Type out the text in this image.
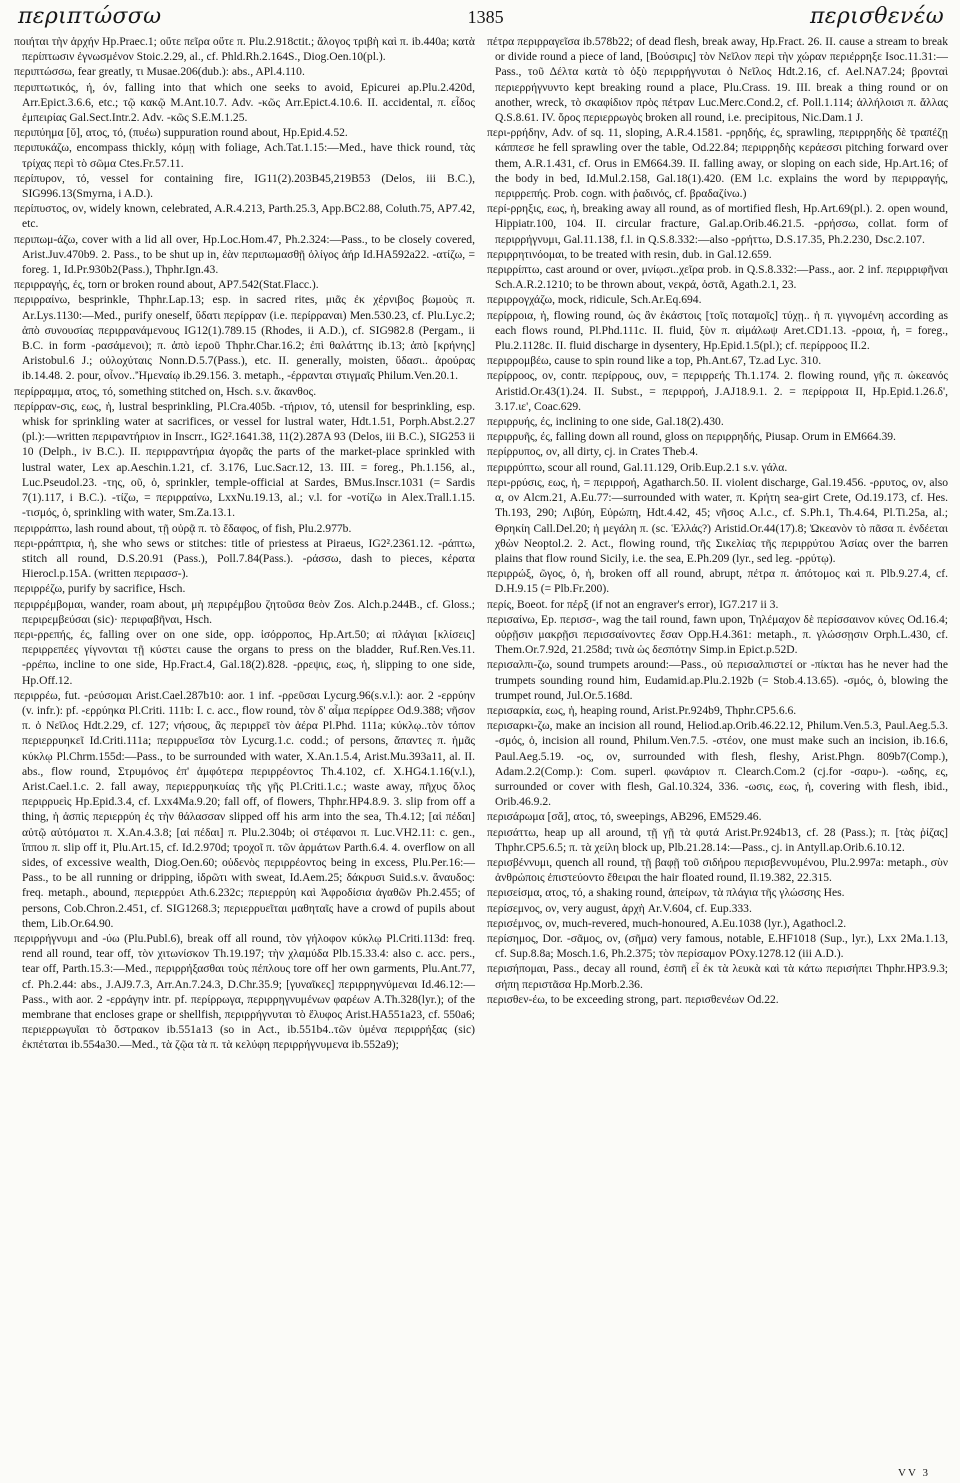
περιπτώσσω	1385	περισθενέω

ποιήται τὴν ἀρχήν Hp.Praec.1; οὔτε πεῖρα οὔτε π. Plu.2.918ctit.; ἄλογος τριβὴ καὶ π. ib.440a; κατὰ περίπτωσιν ἐγνωσμένον Stoic.2.29, al., cf. Phld.Rh.2.164S., Diog.Oen.10(pl.).

περιπτώσσω, fear greatly, τι Musae.206(dub.): abs., APl.4.110.

περιπτωτικός, ή, όν, falling into that which one seeks to avoid, Epicurei ap.Plu.2.420d, Arr.Epict.3.6.6, etc.; τῷ κακῷ M.Ant.10.7. Adv. -κῶς Arr.Epict.4.10.6. II. accidental, π. εἶδος ἐμπειρίας Gal.Sect.Intr.2. Adv. -κῶς S.E.M.1.25.

περιπύημα [ῠ], ατος, τό, (πυέω) suppuration round about, Hp.Epid.4.52.

περιπυκάζω, encompass thickly, κόμῃ with foliage, Ach.Tat.1.15:—Med., have thick round, τὰς τρίχας περὶ τὸ σῶμα Ctes.Fr.57.11.

περίπυρον, τό, vessel for containing fire, IG11(2).203B45,219B53 (Delos, iii B.C.), SIG996.13(Smyrna, i A.D.).

περίπυστος, ον, widely known, celebrated, A.R.4.213, Parth.25.3, App.BC2.88, Coluth.75, AP7.42, etc.

περιπωμ-άζω, cover with a lid all over, Hp.Loc.Hom.47, Ph.2.324:—Pass., to be closely covered, Arist.Juv.470b9. 2. Pass., to be shut up in, ἐὰν περιπωμασθῇ ὀλίγος ἀήρ Id.HA592a22. -ατίζω, = foreg. 1, Id.Pr.930b2(Pass.), Thphr.Ign.43.

περιρραγής, ές, torn or broken round about, AP7.542(Stat.Flacc.).

περιρραίνω, besprinkle, Thphr.Lap.13; esp. in sacred rites, μιᾶς ἐκ χέρνιβος βωμοὺς π. Ar.Lys.1130:—Med., purify oneself, ὕδατι περίρραν (i.e. περίρραναι) Men.530.23, cf. Plu.Lyc.2; ἀπὸ συνουσίας περιρρανάμενους IG12(1).789.15 (Rhodes, ii A.D.), cf. SIG982.8 (Pergam., ii B.C. in form -ρασάμενοι); π. ἀπὸ ἱεροῦ Thphr.Char.16.2; ἐπὶ θαλάττης ib.13; ἀπὸ [κρήνης] Aristobul.6 J.; οὐλοχύταις Nonn.D.5.7(Pass.), etc. II. generally, moisten, ὕδασι.. ἀρούρας ib.14.48. 2. pour, οἶνον..'Ἡμεναίῳ ib.29.156. 3. metaph., -έρρανται στιγμαῖς Philum.Ven.20.1.

περίρραμμα, ατος, τό, something stitched on, Hsch. s.v. ἄκανθος.

περίρραν-σις, εως, ἡ, lustral besprinkling, Pl.Cra.405b. -τήριον, τό, utensil for besprinkling, esp. whisk for sprinkling water at sacrifices, or vessel for lustral water, Hdt.1.51, Porph.Abst.2.27 (pl.):—written περιραντήριον in Inscrr., IG2².1641.38, 11(2).287A 93 (Delos, iii B.C.), SIG253 ii 10 (Delph., iv B.C.). II. περιρραντήρια ἀγορᾶς the parts of the market-place sprinkled with lustral water, Lex ap.Aeschin.1.21, cf. 3.176, Luc.Sacr.12, 13. III. = foreg., Ph.1.156, al., Luc.Pseudol.23. -της, οῦ, ὁ, sprinkler, temple-official at Sardes, BMus.Inscr.1031 (= Sardis 7(1).117, i B.C.). -τίζω, = περιρραίνω, LxxNu.19.13, al.; v.l. for -νοτίζω in Alex.Trall.1.15. -τισμός, ὁ, sprinkling with water, Sm.Za.13.1.

περιρράπτω, lash round about, τῇ οὐρᾷ π. τὸ ἔδαφος, of fish, Plu.2.977b.

περι-ρράπτρια, ἡ, she who sews or stitches: title of priestess at Piraeus, IG2².2361.12. -ράπτω, stitch all round, D.S.20.91 (Pass.), Poll.7.84(Pass.). -ράσσω, dash to pieces, κέρατα Hierocl.p.15A. (written περιρασσ-).

περιρρέζω, purify by sacrifice, Hsch.

περιρρέμβομαι, wander, roam about, μὴ περιρέμβου ζητοῦσα θεὸν Zos. Alch.p.244B., cf. Gloss.; περιρεμβεύσαι (sic)· περιφαβῆναι, Hsch.

περι-ρρεπής, ές, falling over on one side, opp. ἰσόρροπος, Hp.Art.50; αἱ πλάγιαι [κλίσεις] περιρρεπέες γίγνονται τῇ κύστει cause the organs to press on the bladder, Ruf.Ren.Ves.11. -ρρέπω, incline to one side, Hp.Fract.4, Gal.18(2).828. -ρρεψις, εως, ἡ, slipping to one side, Hp.Off.12.

περιρρέω, fut. -ρεύσομαι Arist.Cael.287b10: aor. 1 inf. -ρρεῦσαι Lycurg.96(s.v.l.): aor. 2 -ερρύην (v. infr.): pf. -ερρύηκα Pl.Criti. 111b: I. c. acc., flow round, τὸν δ' αἶμα περίρρεε Od.9.388; νῆσον π. ὁ Νεῖλος Hdt.2.29, cf. 127; νήσους, ἃς περιρρεῖ τὸν ἀέρα Pl.Phd. 111a; κύκλῳ..τὸν τόπον περιερρυηκεῖ Id.Criti.111a; περιρρυεῖσα τὸν Lycurg.1.c. codd.; of persons, ἅπαντες π. ἡμᾶς κύκλῳ Pl.Chrm.155d:—Pass., to be surrounded with water, X.An.1.5.4, Arist.Mu.393a11, al. II. abs., flow round, Στρυμόνος ἐπ' ἀμφότερα περιρρέοντος Th.4.102, cf. X.HG4.1.16(v.l.), Arist.Cael.1.c. 2. fall away, περιερρυηκυίας τῆς γῆς Pl.Criti.1.c.; waste away, πῆχυς ὅλος περιρρυεὶς Hp.Epid.3.4, cf. Lxx4Ma.9.20; fall off, of flowers, Thphr.HP4.8.9. 3. slip from off a thing, ἡ ἀσπὶς περιερρύη ἐς τὴν θάλασσαν slipped off his arm into the sea, Th.4.12; [αἱ πέδαι] αὐτῷ αὐτόματοι π. X.An.4.3.8; [αἱ πέδαι] π. Plu.2.304b; οἱ στέφανοι π. Luc.VH2.11: c. gen., ἵππου π. slip off it, Plu.Art.15, cf. Id.2.970d; τροχοῖ π. τῶν ἁρμάτων Parth.6.4. 4. overflow on all sides, of excessive wealth, Diog.Oen.60; οὐδενὸς περιρρέοντος being in excess, Plu.Per.16:—Pass., to be all running or dripping, ἱδρῶτι with sweat, Id.Aem.25; δάκρυσι Suid.s.v. ἄναυδος: freq. metaph., abound, περιερρύει Ath.6.232c; περιερρύη καὶ Ἀφροδίσια ἀγαθῶν Ph.2.455; of persons, Cob.Chron.2.451, cf. SIG1268.3; περιερρυεῖται μαθηταῖς have a crowd of pupils about them, Lib.Or.64.90.

περιρρήγνυμι and -ύω (Plu.Publ.6), break off all round, τὸν γήλοφον κύκλῳ Pl.Criti.113d: freq. rend all round, tear off, τὸν χιτωνίσκον Th.19.197; τὴν χλαμύδα Plb.15.33.4: also c. acc. pers., tear off, Parth.15.3:—Med., περιρρήξασθαι τοὺς πέπλους tore off her own garments, Plu.Ant.77, cf. Ph.2.44: abs., J.AJ9.7.3, Arr.An.7.24.3, D.Chr.35.9; [γυναῖκες] περιρρηγνύμεναι Id.46.12:—Pass., with aor. 2 -ερράγην intr. pf. περίρρωγα, περιρρηγνυμένων φαρέων A.Th.328(lyr.); of the membrane that encloses grape or shellfish, περιρρήγνυται τὸ ἔλυφος Arist.HA551a23, cf. 550a6; περιερρωγυῖαι τὸ ὄστρακον ib.551a13 (so in Act., ib.551b4..τῶν ὑμένα περιρρήξας (sic) ἐκπέταται ib.554a30.—Med., τὰ ζῷα τὰ π. τὰ κελύφη περιρρήγνυμενα ib.552a9);

πέτρα περιρραγεῖσα ib.578b22; of dead flesh, break away, Hp.Fract. 26. II. cause a stream to break or divide round a piece of land, [Βούσιρις] τὸν Νεῖλον περὶ τὴν χώραν περιέρρηξε Isoc.11.31:—Pass., τοῦ Δέλτα κατὰ τὸ ὀξὺ περιρρήγνυται ὁ Νεῖλος Hdt.2.16, cf. Ael.NA7.24; βρονταὶ περιερρήγνυντο kept breaking round a place, Plu.Crass. 19. III. break a thing round or on another, wreck, τὸ σκαφίδιον πρὸς πέτραν Luc.Merc.Cond.2, cf. Poll.1.114; ἀλλήλοισι π. ἄλλας Q.S.8.61. IV. ὄρος περιερρωγὸς broken all round, i.e. precipitous, Nic.Dam.1 J.

περι-ρρήδην, Adv. of sq. 11, sloping, A.R.4.1581. -ρρηδής, ές, sprawling, περιρρηδὴς δὲ τραπέζῃ κάππεσε he fell sprawling over the table, Od.22.84; περιρρηδὴς κεράεσσι pitching forward over them, A.R.1.431, cf. Orus in EM664.39. II. falling away, or sloping on each side, Hp.Art.16; of the body in bed, Id.Mul.2.158, Gal.18(1).420. (EM l.c. explains the word by περιρραγής, περιρρεπής. Prob. cogn. with ῥαδινός, cf. βραδαζίνω.)

περί-ρρηξις, εως, ἡ, breaking away all round, as of mortified flesh, Hp.Art.69(pl.). 2. open wound, Hippiatr.100, 104. II. circular fracture, Gal.ap.Orib.46.21.5. -ρρήσσω, collat. form of περιρρήγνυμι, Gal.11.138, f.l. in Q.S.8.332:—also -ρρήττω, D.S.17.35, Ph.2.230, Dsc.2.107.

περιρρητινόομαι, to be treated with resin, dub. in Gal.12.659.

περιρρίπτω, cast around or over, μνίῳσι..χεῖρα prob. in Q.S.8.332:—Pass., aor. 2 inf. περιρριφῆναι Sch.A.R.2.1210; to be thrown about, νεκρά, ὀστᾶ, Agath.2.1, 23.

περιρρογχάζω, mock, ridicule, Sch.Ar.Eq.694.

περίρροια, ἡ, flowing round, ὡς ἂν ἑκάστοις [τοῖς ποταμοῖς] τύχῃ.. ἡ π. γιγνομένη according as each flows round, Pl.Phd.111c. II. fluid, ξὺν π. αἱμάλωψ Aret.CD1.13. -ρροια, ἡ, = foreg., Plu.2.1128c. II. fluid discharge in dysentery, Hp.Epid.1.5(pl.); cf. περίρροος II.2.

περιρρομβέω, cause to spin round like a top, Ph.Ant.67, Tz.ad Lyc. 310.

περίρροος, ον, contr. περίρρους, ουν, = περιρρεής Th.1.174. 2. flowing round, γῆς π. ὠκεανός Aristid.Or.43(1).24. II. Subst., = περιρροή, J.AJ18.9.1. 2. = περίρροια II, Hp.Epid.1.26.δ', 3.17.ιε', Coac.629.

περιρρυής, ές, inclining to one side, Gal.18(2).430.

περιρρυῆς, ές, falling down all round, gloss on περιρρηδής, Piusap. Orum in EM664.39.

περίρρυπος, ον, all dirty, cj. in Crates Theb.4.

περιρρύπτω, scour all round, Gal.11.129, Orib.Eup.2.1 s.v. γάλα.

περι-ρρύσις, εως, ἡ, = περιρροή, Agatharch.50. II. violent discharge, Gal.19.456. -ρρυτος, ον, also α, ον Alcm.21, A.Eu.77:—surrounded with water, π. Κρήτη sea-girt Crete, Od.19.173, cf. Hes. Th.193, 290; Λιβύη, Εὐρώπη, Hdt.4.42, 45; νῆσος A.l.c., cf. S.Ph.1, Th.4.64, Pl.Ti.25a, al.; Θρηκίη Call.Del.20; ἡ μεγάλη π. (sc. Ἑλλάς?) Aristid.Or.44(17).8; Ὠκεανὸν τὸ πᾶσα π. ἐνδέεται χθὼν Neoptol.2. 2. Act., flowing round, τῆς Σικελίας τῆς περιρρύτου Ἀσίας over the barren plains that flow round Sicily, i.e. the sea, E.Ph.209 (lyr., sed leg. -ρρύτῳ).

περιρρώξ, ῶγος, ὁ, ἡ, broken off all round, abrupt, πέτρα π. ἀπότομος καὶ π. Plb.9.27.4, cf. D.H.9.15 (= Plb.Fr.200).

περίς, Boeot. for πέρξ (if not an engraver's error), IG7.217 ii 3.

περισαίνω, Ep. περισσ-, wag the tail round, fawn upon, Τηλέμαχον δὲ περίσσαινον κύνες Od.16.4; οὐρῇσιν μακρῇσι περισσαίνοντες ἔσαν Opp.H.4.361: metaph., π. γλώσσῃσιν Orph.L.430, cf. Them.Or.7.92d, 21.258d; τινὰ ὡς δεσπότην Simp.in Epict.p.52D.

περισαλπι-ζω, sound trumpets around:—Pass., οὐ περισαλπιστεί or -πίκται has he never had the trumpets sounding round him, Eudamid.ap.Plu.2.192b (= Stob.4.13.65). -σμός, ὁ, blowing the trumpet round, Jul.Or.5.168d.

περισαρκία, εως, ἡ, heaping round, Arist.Pr.924b9, Thphr.CP5.6.6.

περισαρκι-ζω, make an incision all round, Heliod.ap.Orib.46.22.12, Philum.Ven.5.3, Paul.Aeg.5.3. -σμός, ὁ, incision all round, Philum.Ven.7.5. -στέον, one must make such an incision, ib.16.6, Paul.Aeg.5.19. -ος, ον, surrounded with flesh, fleshy, Arist.Phgn. 809b7(Comp.), Adam.2.2(Comp.): Com. superl. φωνάριον π. Clearch.Com.2 (cj.for -σαρυ-). -ωδης, ες, surrounded or cover with flesh, Gal.10.324, 336. -ωσις, εως, ἡ, covering with flesh, ibid., Orib.46.9.2.

περισάρωμα [σᾰ], ατος, τό, sweepings, AB296, EM529.46.

περισάττω, heap up all around, τῇ γῇ τὰ φυτά Arist.Pr.924b13, cf. 28 (Pass.); π. [τὰς ῥίζας] Thphr.CP5.6.5; π. τὰ χείλη block up, Plb.21.28.14:—Pass., cj. in Antyll.ap.Orib.6.10.12.

περισβέννυμι, quench all round, τῇ βαφῇ τοῦ σιδήρου περισβεννυμένου, Plu.2.997a: metaph., σὺν ἀνθρώποις ἐπιστεύοντο ἔθειραι the hair floated round, Il.19.382, 22.315.

περισείσμα, ατος, τό, a shaking round, ἀπείρων, τὰ πλάγια τῆς γλώσσης Hes.

περίσεμνος, ον, very august, ἀρχὴ Ar.V.604, cf. Eup.333.

περισέμνος, ον, much-revered, much-honoured, A.Eu.1038 (lyr.), Agathocl.2.

περίσημος, Dor. -σᾶμος, ον, (σῆμα) very famous, notable, E.HF1018 (Sup., lyr.), Lxx 2Ma.1.13, cf. Sup.8.8a; Mosch.1.6, Ph.2.375; τὸν περίσαμον POxy.1278.12 (iii A.D.).

περισήπομαι, Pass., decay all round, ἐσπῆ εἶ ἐκ τὰ λευκὰ καὶ τὰ κάτω περισήπει Thphr.HP3.9.3; σήπη περιστᾶσα Hp.Morb.2.36.

περισθεν-έω, to be exceeding strong, part. περισθενέων Od.22.

VV 3
